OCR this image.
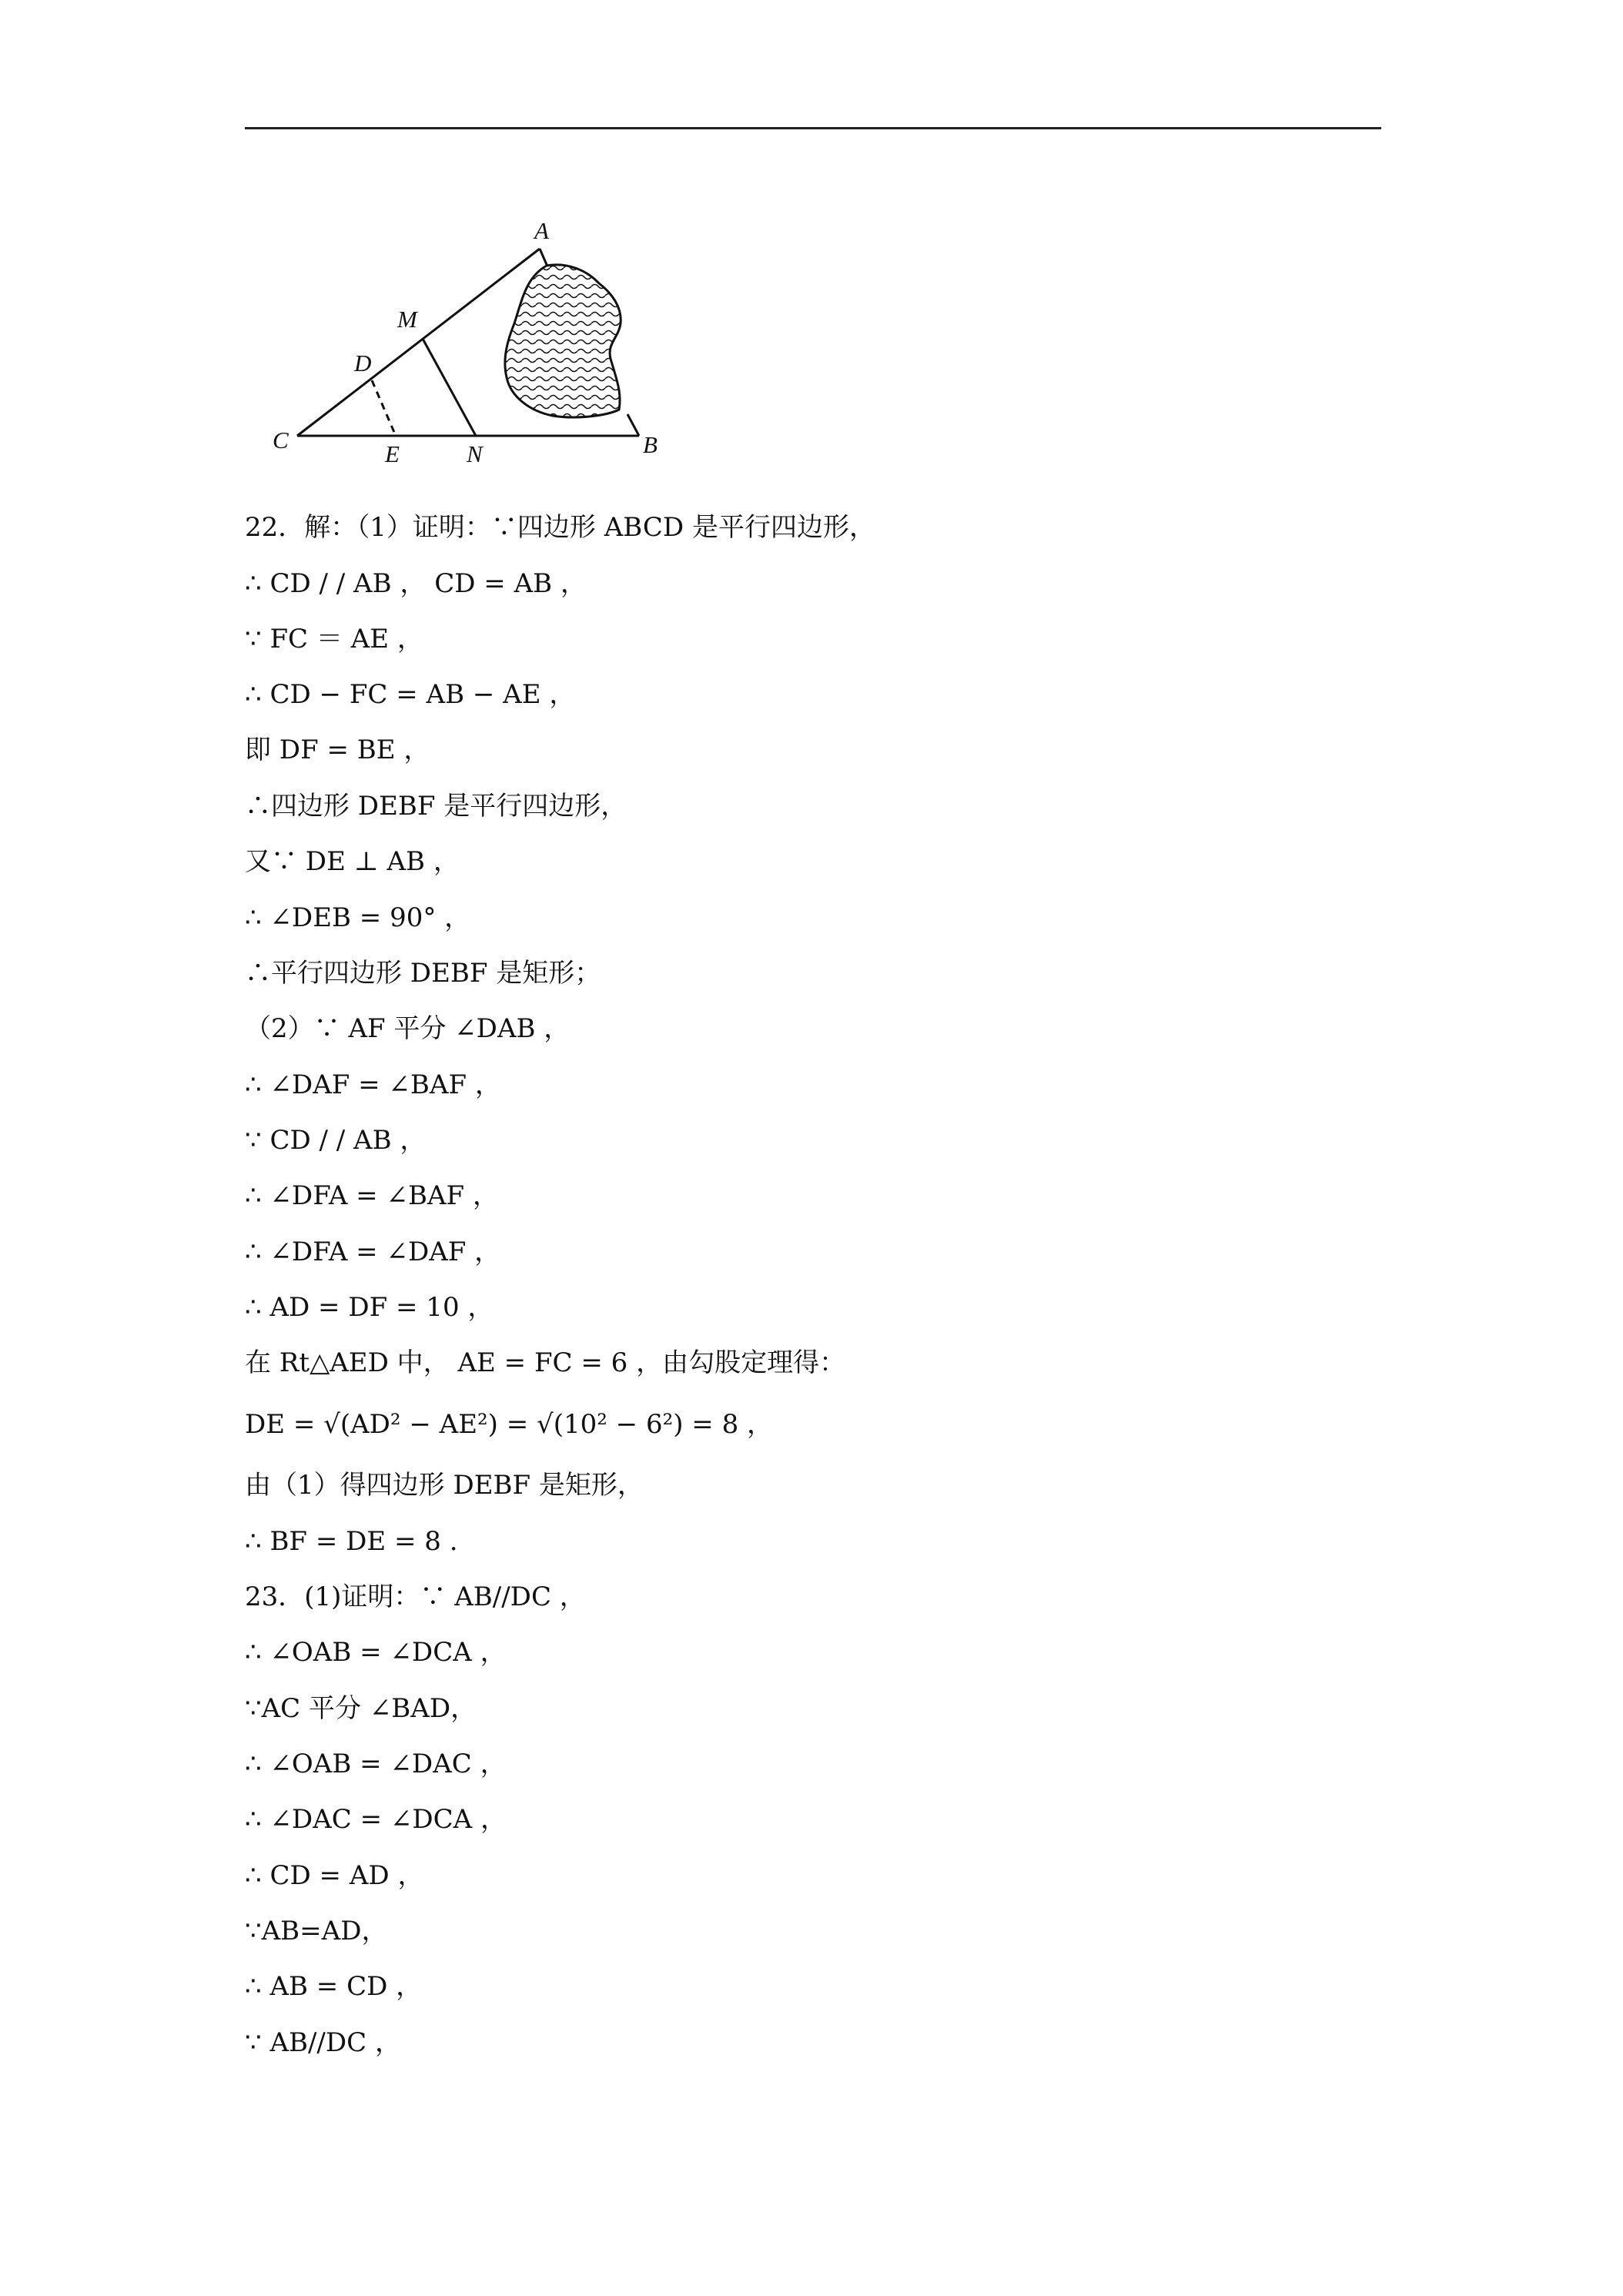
A
M
D
C
E	N	B
22．解：（1）证明：∵四边形 ABCD 是平行四边形，
∴ CD / / AB ， CD = AB ，
∵ FC ＝ AE ，
∴ CD − FC = AB − AE ，
即 DF = BE ，
∴四边形 DEBF 是平行四边形，
又∵ DE ⊥ AB ，
∴ ∠DEB = 90° ，
∴平行四边形 DEBF 是矩形；
（2）∵ AF 平分 ∠DAB ，
∴ ∠DAF = ∠BAF ，
∵ CD / / AB ，
∴ ∠DFA = ∠BAF ，
∴ ∠DFA = ∠DAF ，
∴ AD = DF = 10 ，
在 Rt△AED 中， AE = FC = 6 ，由勾股定理得：
DE = √(AD² − AE²) = √(10² − 6²) = 8 ，
由（1）得四边形 DEBF 是矩形，
∴ BF = DE = 8 .
23．(1)证明：∵ AB//DC ，
∴ ∠OAB = ∠DCA ，
∵AC 平分 ∠BAD，
∴ ∠OAB = ∠DAC ，
∴ ∠DAC = ∠DCA ，
∴ CD = AD ，
∵AB=AD，
∴ AB = CD ，
∵ AB//DC ，
